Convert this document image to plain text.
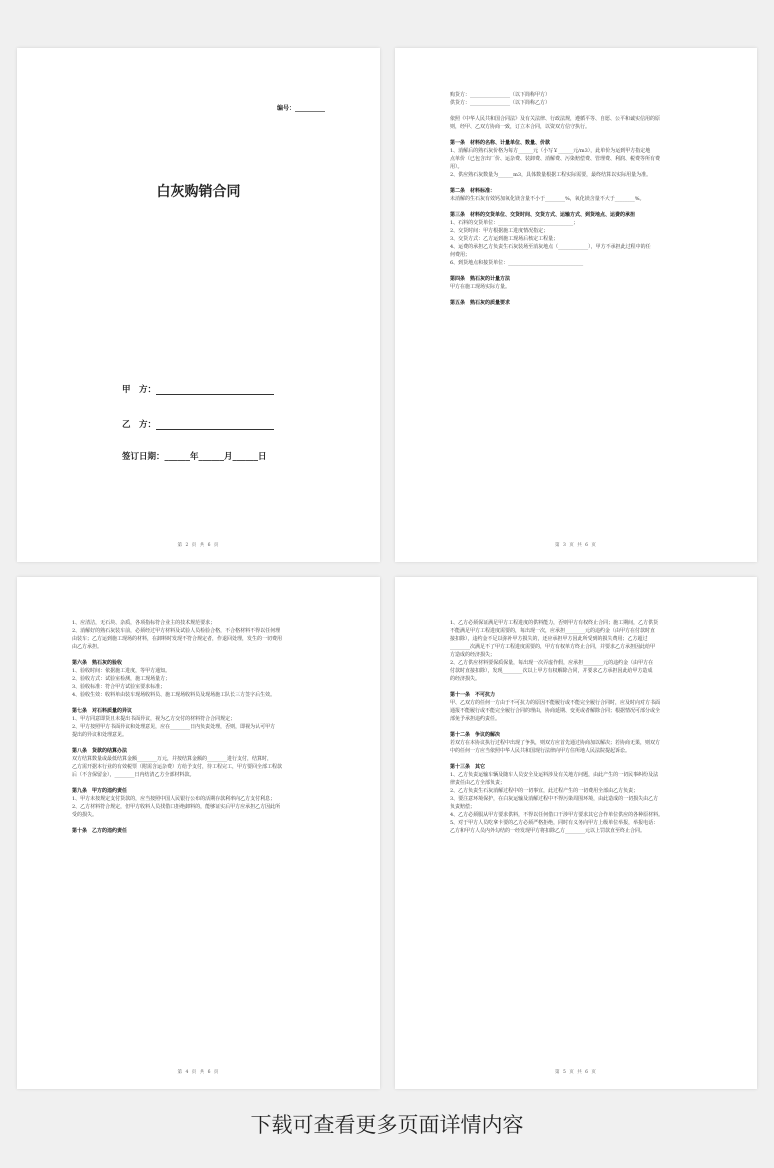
编号：__________
白灰购销合同
甲　方：
乙　方：
签订日期：______年______月______日
第 2 页 共 6 页

购货方：________________（以下简称甲方）

供货方：________________（以下简称乙方）

依照《中华人民共和国合同法》及有关法律、行政法规，遵循平等、自愿、公平和诚实信用的原

则，经甲、乙双方协商一致，订立本合同，以资双方信守执行。

第一条　材料的名称、计量单位、数量、价款

1、消解后的熟石灰价格为每方______元（小写￥______元/m3），此单价为运到甲方指定地

点单价（已包含出厂价、运杂费、装卸费、消解费、污染赔偿费、管理费、利润、税费等所有费

用）。

2、供应熟石灰数量为______m3，具体数量根据工程实际需要，最终结算以实际用量为准。

第二条　材料标准：

未消解的生石灰有效钙加氧化镁含量不小于________%，氧化镁含量不大于________%。

第三条　材料的交货单位、交货时间、交货方式、运输方式、到货地点、运费的承担

1、石料的交货单位：______________________________；

2、交货时间：甲方根据施工进度情况指定；

3、交货方式：乙方运到施工现场后核定工程量；

4、运费的承担乙方负责生石灰装场至消灰地点（____________），甲方不承担此过程中的任

何费用；

6、到货地点和接货单位：______________________________

第四条　熟石灰的计量方法

甲方在施工现场实际方量。

第五条　熟石灰的质量要求

第 3 页 共 6 页

1、应清洁，无石块、杂质，各项指标符合业主的技术规范要求；

2、消解好的熟石灰装车前，必须经过甲方材料及试验人员检验合格，不合格材料不得以任何理

由装车；乙方运到施工现场的材料，在卸料时发现不符合规定者，作退回处理，发生的一切费用

由乙方承担。

第六条　熟石灰的验收

1、验收时间：依据施工进度，等甲方通知。

2、验收方式：试验室检测，施工现场量方；

3、验收标准：符合甲方试验室要求标准；

4、验收生效：收料单由装车现场收料员、施工现场收料员及现场施工队长三方签字后生效。

第七条　对石料质量的异议

1、甲方同意即货且未提出书面异议，视为乙方交付的材料符合合同规定；

2、甲方按照甲方书面异议和处理意见，应在________日内负责处理，否则，即视为认可甲方

提出的异议和处理意见。

第八条　货款的结算办法

双方结算数量或最低结算金额________万元，并按结算金额的________进行支付，结算时，

乙方需开据本行业的有效税票（附需含运杂费）方给予支付，待工程完工，甲方要回全部工程款

后（不含保留金），________日内结清乙方全部材料款。

第九条　甲方的违约责任

1、甲方未按规定支付货款的，应当按照中国人民银行公布的活期存款利率向乙方支付利息；

2、乙方材料符合规定，但甲方收料人员找借口拒绝卸料的，能够证实后甲方应承担乙方因此所

受的损失。

第十条　乙方的违约责任

第 4 页 共 6 页

1、乙方必须保证满足甲方工程进度的供料能力，否则甲方有权终止合同；施工期间，乙方供货

不能满足甲方工程进度需要的，每出现一次，应承担________元的违约金（由甲方在付款时直

接扣除），违约金不足以弥补甲方损失的，还应承担甲方因此所受到的损失费用；乙方超过

________次满足不了甲方工程进度需要的，甲方有权单方终止合同，并要求乙方承担因此给甲

方造成的经济损失；

2、乙方供应材料要保质保量，每出现一次弄虚作假，应承担________元的违约金（由甲方在

付款时直接扣除），发现________次以上甲方有权解除合同，并要求乙方承担因此给甲方造成

的经济损失。

第十一条　不可抗力

甲、乙双方的任何一方由于不可抗力的原因不能履行或不能完全履行合同时，应及时向对方书面

通报不能履行或不能完全履行合同的理由，协商延期、变更或者解除合同；根据情况可部分或全

部免予承担违约责任。

第十二条　争议的解决

若双方在本协议执行过程中出现了争执，则双方应首先通过协商加以解决；若协商无果，则双方

中的任何一方应当依照中华人民共和国现行法律向甲方住所地人民法院提起诉讼。

第十三条　其它

1、乙方负责运输车辆及随车人员安全及运料涉及有关地方问题，由此产生的一切民事纠纷及法

律责任由乙方全部负责；

2、乙方负责生石灰消解过程中的一切事宜，此过程产生的一切费用全部由乙方负责；

3、要注意环境保护，在白灰运输及消解过程中不得污染周围环境，由此造成的一切损失由乙方

负责赔偿；

4、乙方必须服从甲方要求供料，不得以任何借口干涉甲方要求其它合作单位供应的各种原材料。

5、对于甲方人员吃拿卡要的乙方必须严格拒绝，同时有义务向甲方上级单位举报，举报电话：

乙方和甲方人员内外勾结的一经发现甲方将扣除乙方________元以上罚款直至终止合同。

第 5 页 共 6 页
下载可查看更多页面详情内容
